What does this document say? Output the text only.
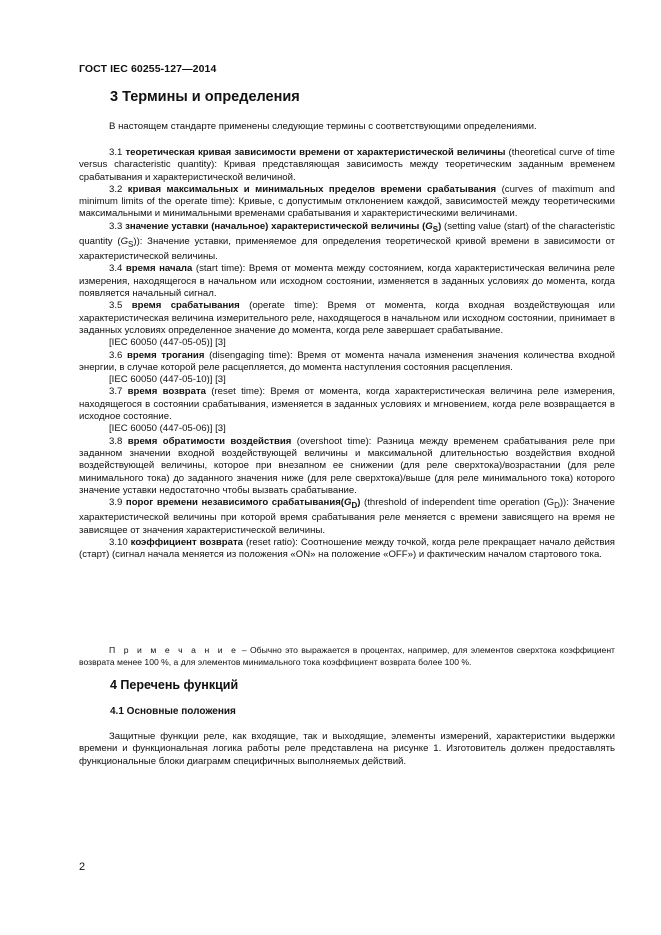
ГОСТ IEC 60255-127—2014
3 Термины и определения

В настоящем стандарте применены следующие термины с соответствующими определениями.

3.1 теоретическая кривая зависимости времени от характеристической величины (theoretical curve of time versus characteristic quantity): Кривая представляющая зависимость между теоретическим заданным временем срабатывания и характеристической величиной.

3.2 кривая максимальных и минимальных пределов времени срабатывания (curves of maximum and minimum limits of the operate time): Кривые, с допустимым отклонением каждой, зависимостей между теоретическими максимальными и минимальными временами срабатывания и характеристическими величинами.

3.3 значение уставки (начальное) характеристической величины $(G_S)$ (setting value (start) of the characteristic quantity $(G_S)$): Значение уставки, применяемое для определения теоретической кривой времени в зависимости от характеристической величины.

3.4 время начала (start time): Время от момента между состоянием, когда характеристическая величина реле измерения, находящегося в начальном или исходном состоянии, изменяется в заданных условиях до момента, когда появляется начальный сигнал.

3.5 время срабатывания (operate time): Время от момента, когда входная воздействующая или характеристическая величина измерительного реле, находящегося в начальном или исходном состоянии, принимает в заданных условиях определенное значение до момента, когда реле завершает срабатывание.

[IEC 60050 (447-05-05)] [3]

3.6 время трогания (disengaging time): Время от момента начала изменения значения количества входной энергии, в случае которой реле расцепляется, до момента наступления состояния расцепления.

[IEC 60050 (447-05-10)] [3]

3.7 время возврата (reset time): Время от момента, когда характеристическая величина реле измерения, находящегося в состоянии срабатывания, изменяется в заданных условиях и мгновением, когда реле возвращается в исходное состояние.

[IEC 60050 (447-05-06)] [3]

3.8 время обратимости воздействия (overshoot time): Разница между временем срабатывания реле при заданном значении входной воздействующей величины и максимальной длительностью воздействия входной воздействующей величины, которое при внезапном ее снижении (для реле сверхтока)/возрастании (для реле минимального тока) до заданного значения ниже (для реле сверхтока)/выше (для реле минимального тока) которого значение уставки недостаточно чтобы вызвать срабатывание.

3.9 порог времени независимого $срабатывания(G_D)$ (threshold of independent time operation $(G_D)$): Значение характеристической величины при которой время срабатывания реле меняется с времени зависящего на время не зависящее от значения характеристической величины.

3.10 коэффициент возврата (reset ratio): Соотношение между точкой, когда реле прекращает начало действия (старт) (сигнал начала меняется из положения «ON» на положение «OFF») и фактическим началом стартового тока.

П р и м е ч а н и е – Обычно это выражается в процентах, например, для элементов сверхтока коэффициент возврата менее 100 %, а для элементов минимального тока коэффициент возврата более 100 %.

4 Перечень функций
4.1 Основные положения

Защитные функции реле, как входящие, так и выходящие, элементы измерений, характеристики выдержки времени и функциональная логика работы реле представлена на рисунке 1. Изготовитель должен предоставлять функциональные блоки диаграмм специфичных выполняемых действий.

2
